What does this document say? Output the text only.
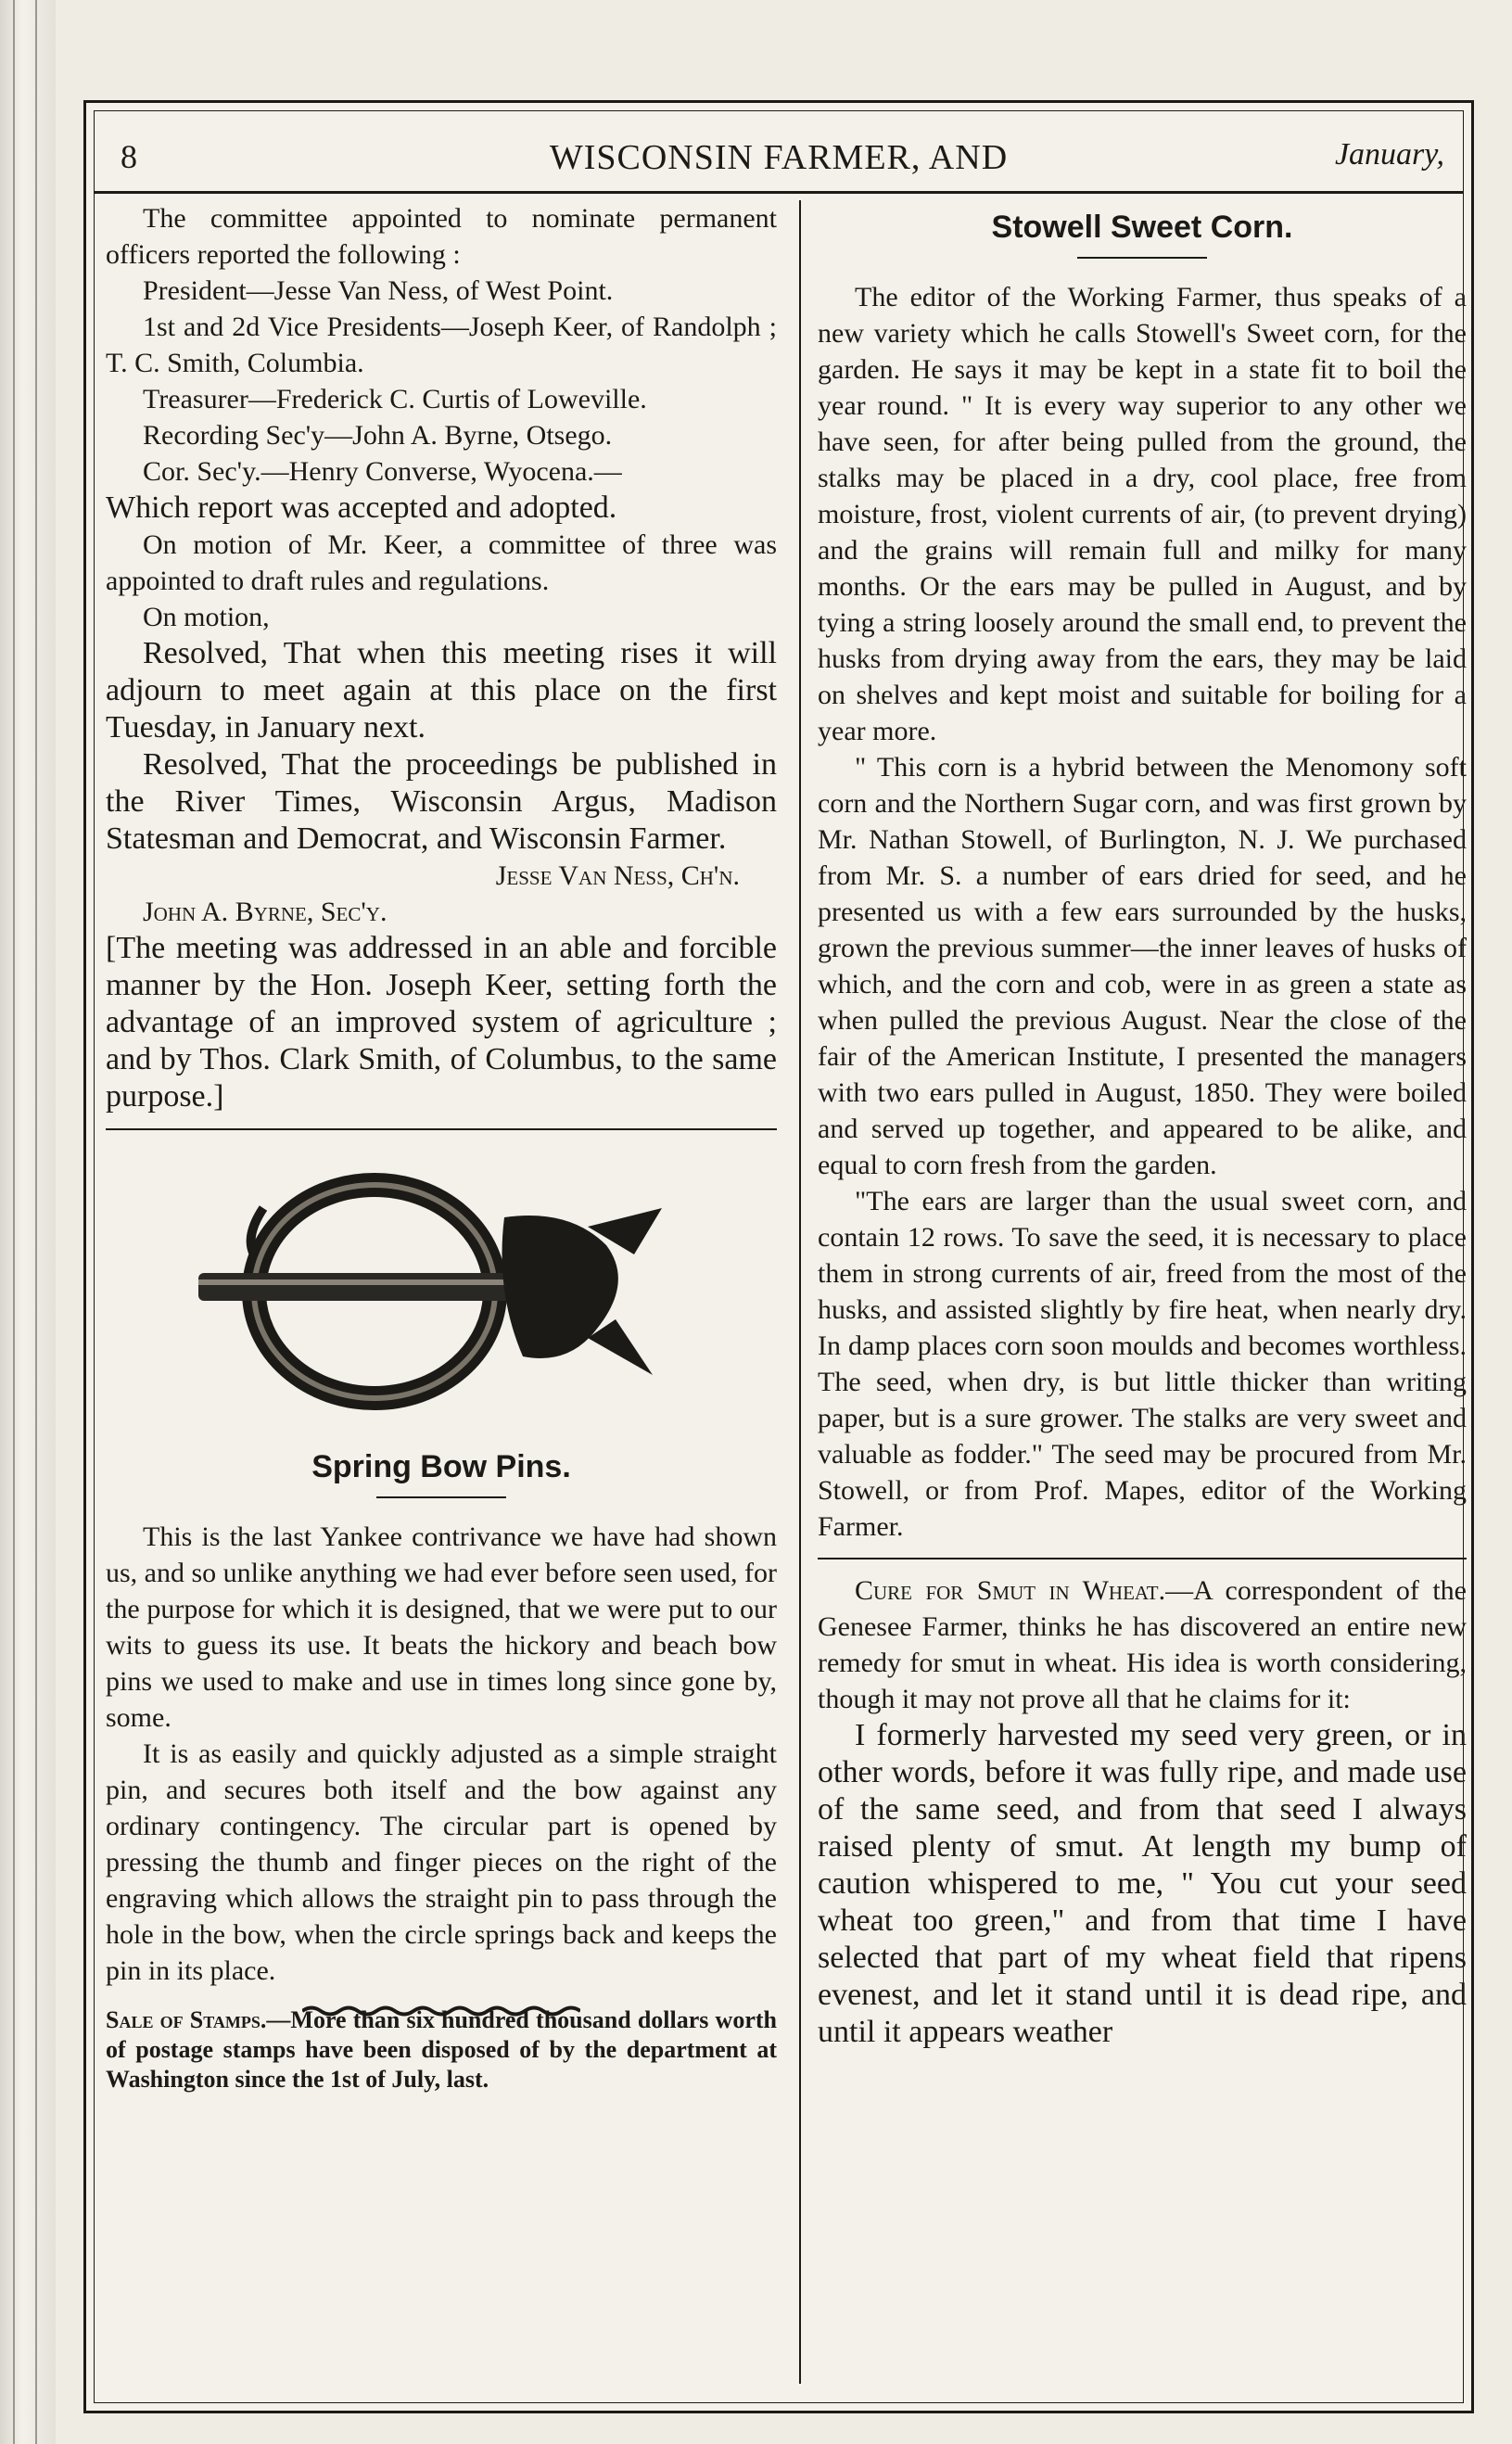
8	WISCONSIN FARMER, AND	January,

The committee appointed to nominate permanent officers reported the following :

President—Jesse Van Ness, of West Point.

1st and 2d Vice Presidents—Joseph Keer, of Randolph ; T. C. Smith, Columbia.

Treasurer—Frederick C. Curtis of Loweville.

Recording Sec'y—John A. Byrne, Otsego.

Cor. Sec'y.—Henry Converse, Wyocena.—

Which report was accepted and adopted.

On motion of Mr. Keer, a committee of three was appointed to draft rules and regulations.

On motion,

Resolved, That when this meeting rises it will adjourn to meet again at this place on the first Tuesday, in January next.

Resolved, That the proceedings be published in the River Times, Wisconsin Argus, Madison Statesman and Democrat, and Wisconsin Farmer.

Jesse Van Ness, Ch'n.

John A. Byrne, Sec'y.

[The meeting was addressed in an able and forcible manner by the Hon. Joseph Keer, setting forth the advantage of an improved system of agriculture ; and by Thos. Clark Smith, of Columbus, to the same purpose.]

Spring Bow Pins.

This is the last Yankee contrivance we have had shown us, and so unlike anything we had ever before seen used, for the purpose for which it is designed, that we were put to our wits to guess its use. It beats the hickory and beach bow pins we used to make and use in times long since gone by, some.

It is as easily and quickly adjusted as a simple straight pin, and secures both itself and the bow against any ordinary contingency. The circular part is opened by pressing the thumb and finger pieces on the right of the engraving which allows the straight pin to pass through the hole in the bow, when the circle springs back and keeps the pin in its place.

Sale of Stamps.—More than six hundred thousand dollars worth of postage stamps have been disposed of by the department at Washington since the 1st of July, last.

Stowell Sweet Corn.

The editor of the Working Farmer, thus speaks of a new variety which he calls Stowell's Sweet corn, for the garden. He says it may be kept in a state fit to boil the year round. " It is every way superior to any other we have seen, for after being pulled from the ground, the stalks may be placed in a dry, cool place, free from moisture, frost, violent currents of air, (to prevent drying) and the grains will remain full and milky for many months. Or the ears may be pulled in August, and by tying a string loosely around the small end, to prevent the husks from drying away from the ears, they may be laid on shelves and kept moist and suitable for boiling for a year more.

" This corn is a hybrid between the Menomony soft corn and the Northern Sugar corn, and was first grown by Mr. Nathan Stowell, of Burlington, N. J. We purchased from Mr. S. a number of ears dried for seed, and he presented us with a few ears surrounded by the husks, grown the previous summer—the inner leaves of husks of which, and the corn and cob, were in as green a state as when pulled the previous August. Near the close of the fair of the American Institute, I presented the managers with two ears pulled in August, 1850. They were boiled and served up together, and appeared to be alike, and equal to corn fresh from the garden.

"The ears are larger than the usual sweet corn, and contain 12 rows. To save the seed, it is necessary to place them in strong currents of air, freed from the most of the husks, and assisted slightly by fire heat, when nearly dry. In damp places corn soon moulds and becomes worthless. The seed, when dry, is but little thicker than writing paper, but is a sure grower. The stalks are very sweet and valuable as fodder." The seed may be procured from Mr. Stowell, or from Prof. Mapes, editor of the Working Farmer.

Cure for Smut in Wheat.—A correspondent of the Genesee Farmer, thinks he has discovered an entire new remedy for smut in wheat. His idea is worth considering, though it may not prove all that he claims for it:

I formerly harvested my seed very green, or in other words, before it was fully ripe, and made use of the same seed, and from that seed I always raised plenty of smut. At length my bump of caution whispered to me, " You cut your seed wheat too green," and from that time I have selected that part of my wheat field that ripens evenest, and let it stand until it is dead ripe, and until it appears weather
